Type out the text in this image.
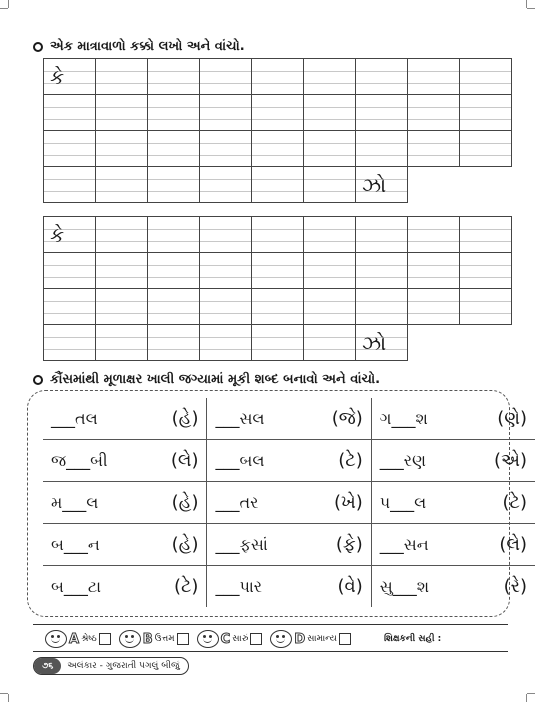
એક માત્રાવાળો કક્કો લખો અને વાંચો.
કે								

						ઝો		
કે								

						ઝો		
કૌંસમાંથી મૂળાક્ષર ખાલી જગ્યામાં મૂકી શબ્દ બનાવો અને વાંચો.
___તલ (હે)	___સલ (જે)	ગ___શ (ણે)

જ___બી (લે)	___બલ (ટે)	___રણ (એ)

મ___લ (હે)	___તર (ખે)	પ___લ (ટે)

બ___ન (હે)	___ફસાં (ફે)	___સન (લે)

બ___ટા (ટે)	___પાર (વે)	સુ___શ (રે)
A શ્રેષ્ઠ	B ઉત્તમ	C સારું	D સામાન્ય	શિક્ષકની સહી :
૭૬	અલંકાર - ગુજરાતી પગલું બીજું
